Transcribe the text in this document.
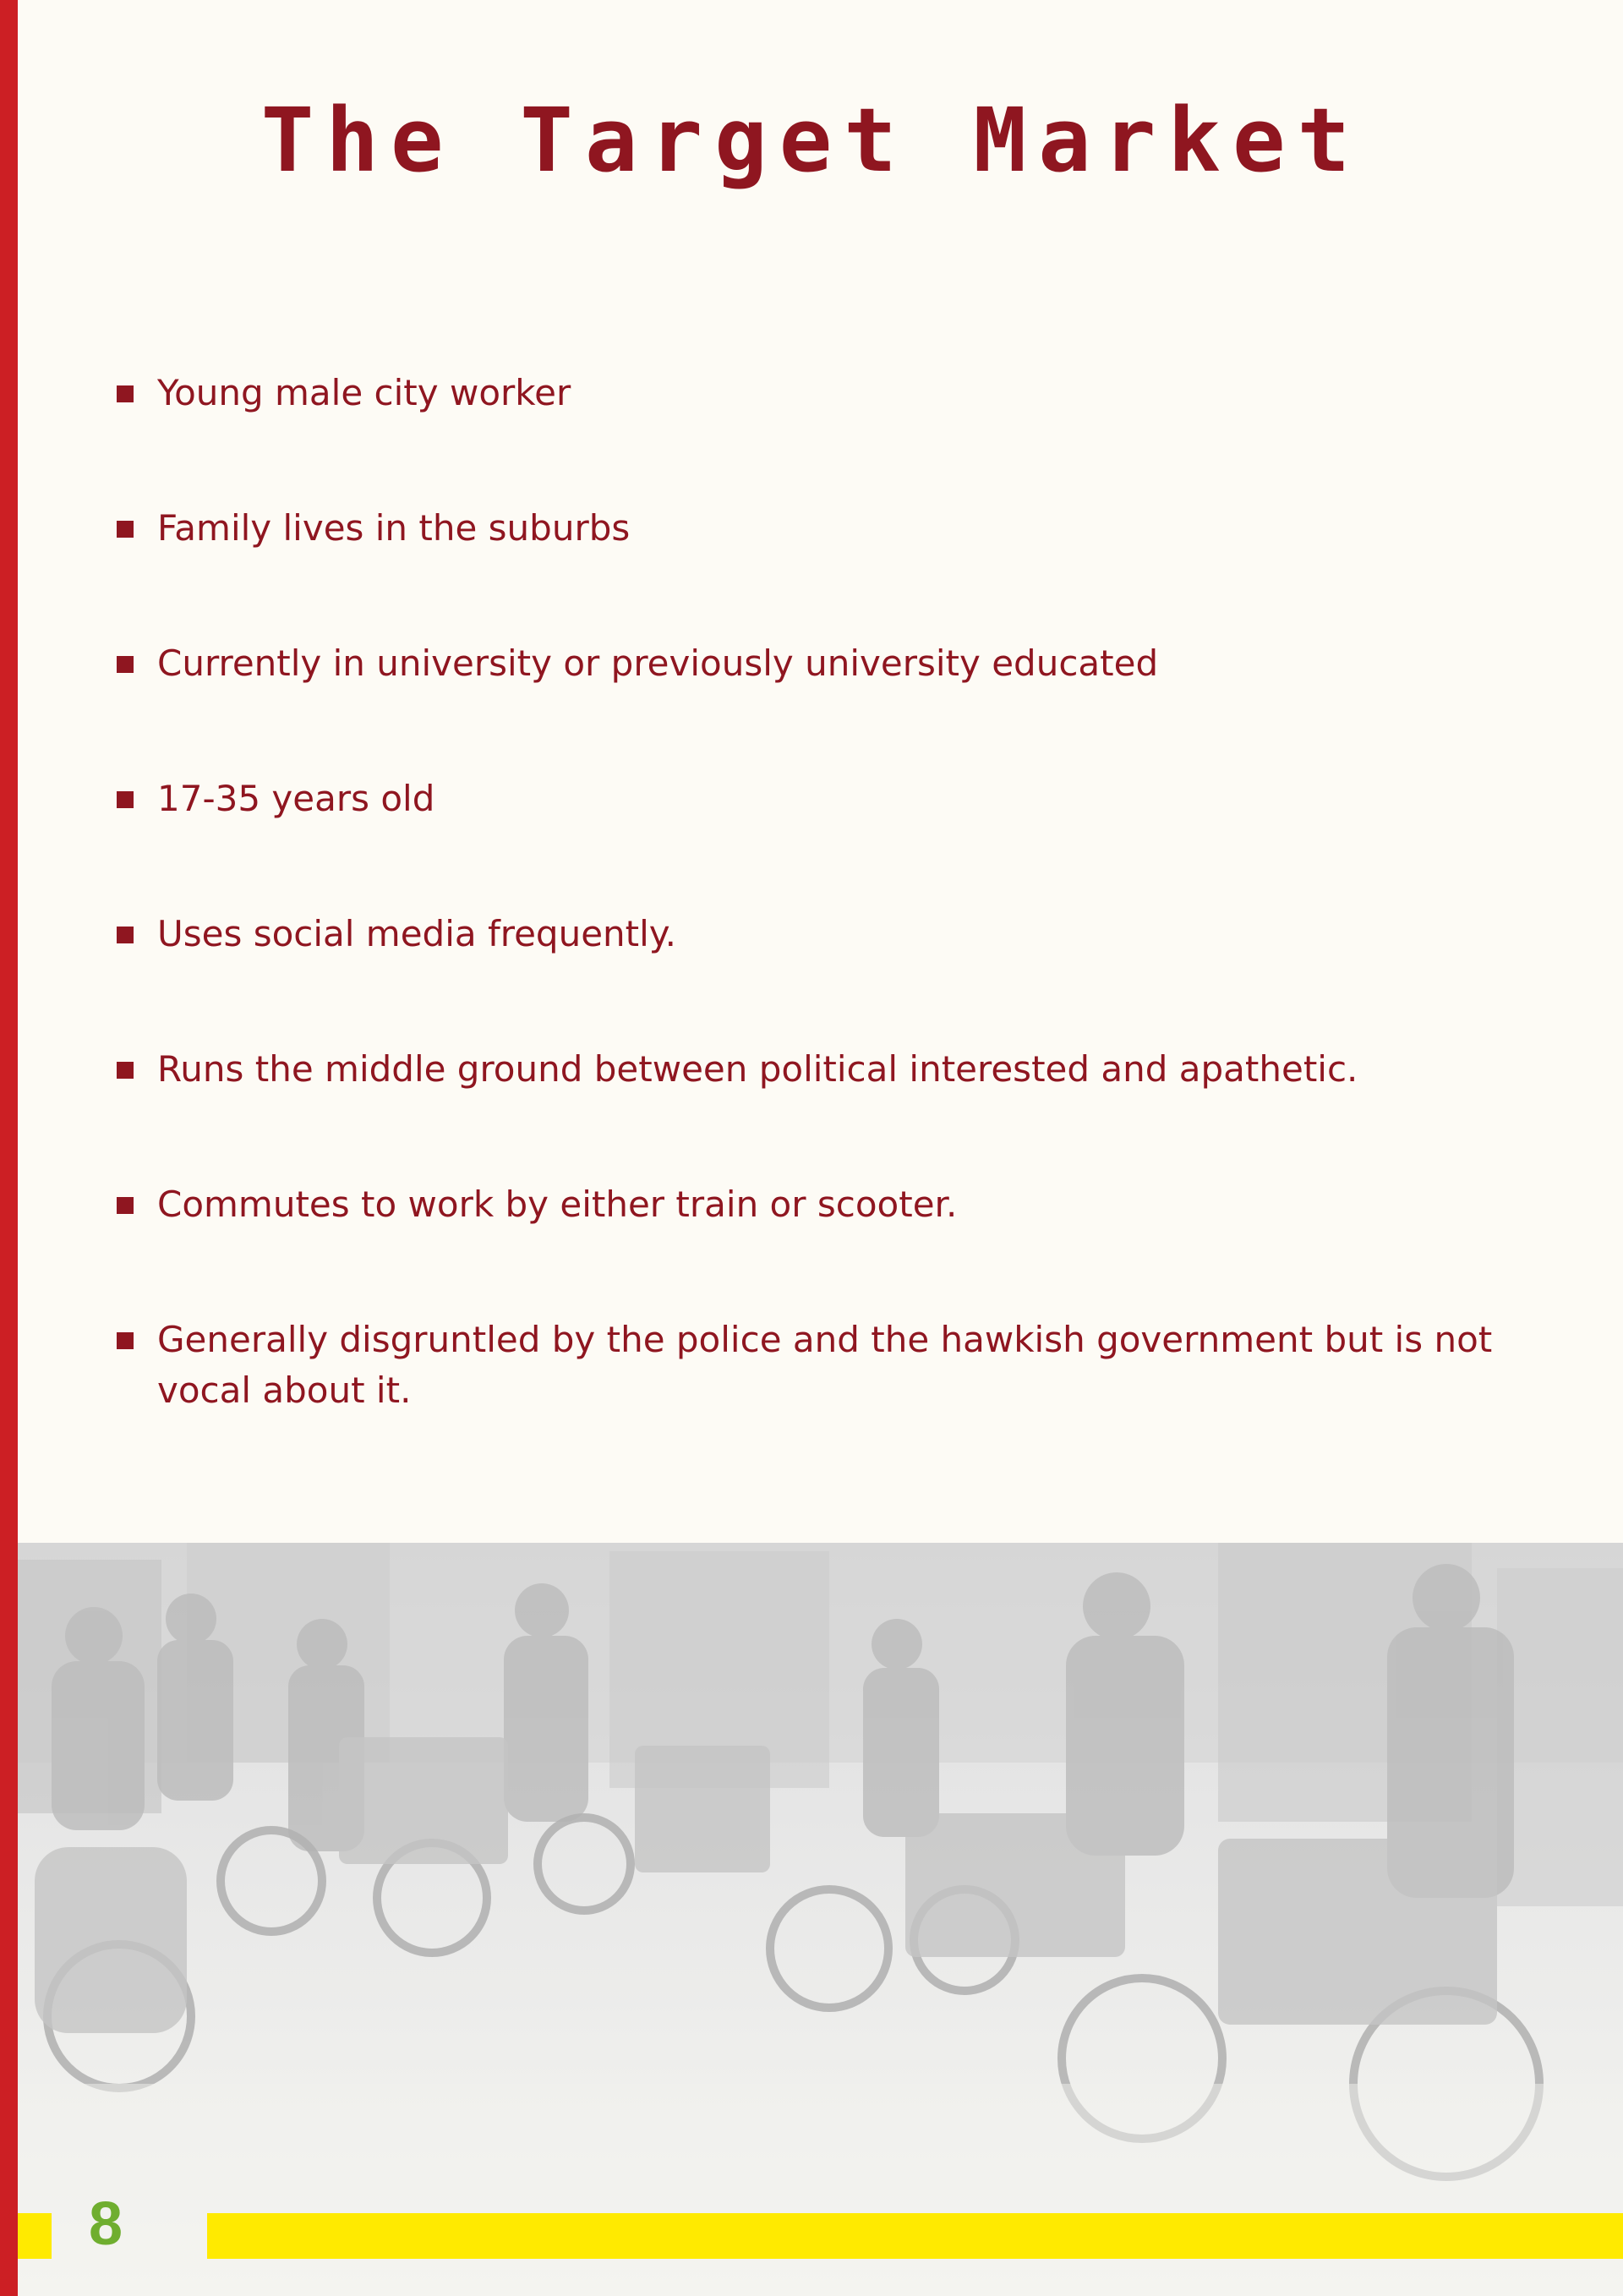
The Target Market
Young male city worker
Family lives in the suburbs
Currently in university or previously university educated
17-35 years old
Uses social media frequently.
Runs the middle ground between political interested and apathetic.
Commutes to work by either train or scooter.
Generally disgruntled by the police and the hawkish government but is not vocal about it.
8
